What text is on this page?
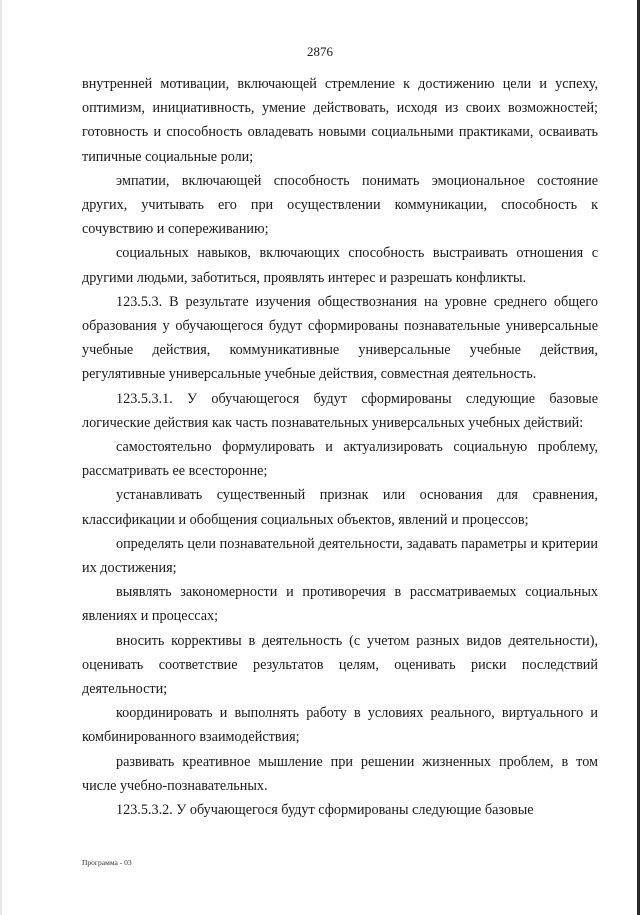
2876

внутренней мотивации, включающей стремление к достижению цели и успеху, оптимизм, инициативность, умение действовать, исходя из своих возможностей; готовность и способность овладевать новыми социальными практиками, осваивать типичные социальные роли;

эмпатии, включающей способность понимать эмоциональное состояние других, учитывать его при осуществлении коммуникации, способность к сочувствию и сопереживанию;

социальных навыков, включающих способность выстраивать отношения с другими людьми, заботиться, проявлять интерес и разрешать конфликты.

123.5.3. В результате изучения обществознания на уровне среднего общего образования у обучающегося будут сформированы познавательные универсальные учебные действия, коммуникативные универсальные учебные действия, регулятивные универсальные учебные действия, совместная деятельность.

123.5.3.1. У обучающегося будут сформированы следующие базовые логические действия как часть познавательных универсальных учебных действий:

самостоятельно формулировать и актуализировать социальную проблему, рассматривать ее всесторонне;

устанавливать существенный признак или основания для сравнения, классификации и обобщения социальных объектов, явлений и процессов;

определять цели познавательной деятельности, задавать параметры и критерии их достижения;

выявлять закономерности и противоречия в рассматриваемых социальных явлениях и процессах;

вносить коррективы в деятельность (с учетом разных видов деятельности), оценивать соответствие результатов целям, оценивать риски последствий деятельности;

координировать и выполнять работу в условиях реального, виртуального и комбинированного взаимодействия;

развивать креативное мышление при решении жизненных проблем, в том числе учебно-познавательных.

123.5.3.2. У обучающегося будут сформированы следующие базовые

Программа - 03
